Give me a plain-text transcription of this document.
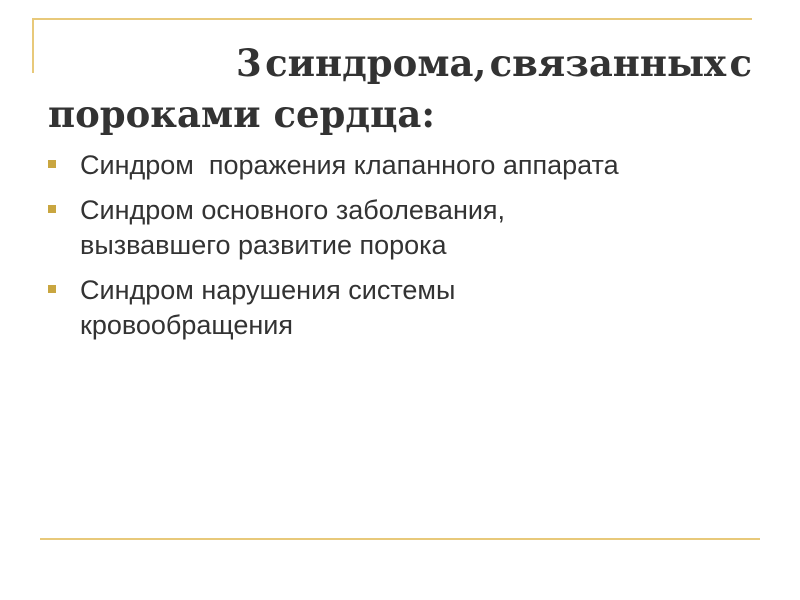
3 синдрома, связанных с
пороками сердца:
Синдром  поражения клапанного аппарата
Синдром основного заболевания,
вызвавшего развитие порока
Синдром нарушения системы
кровообращения
